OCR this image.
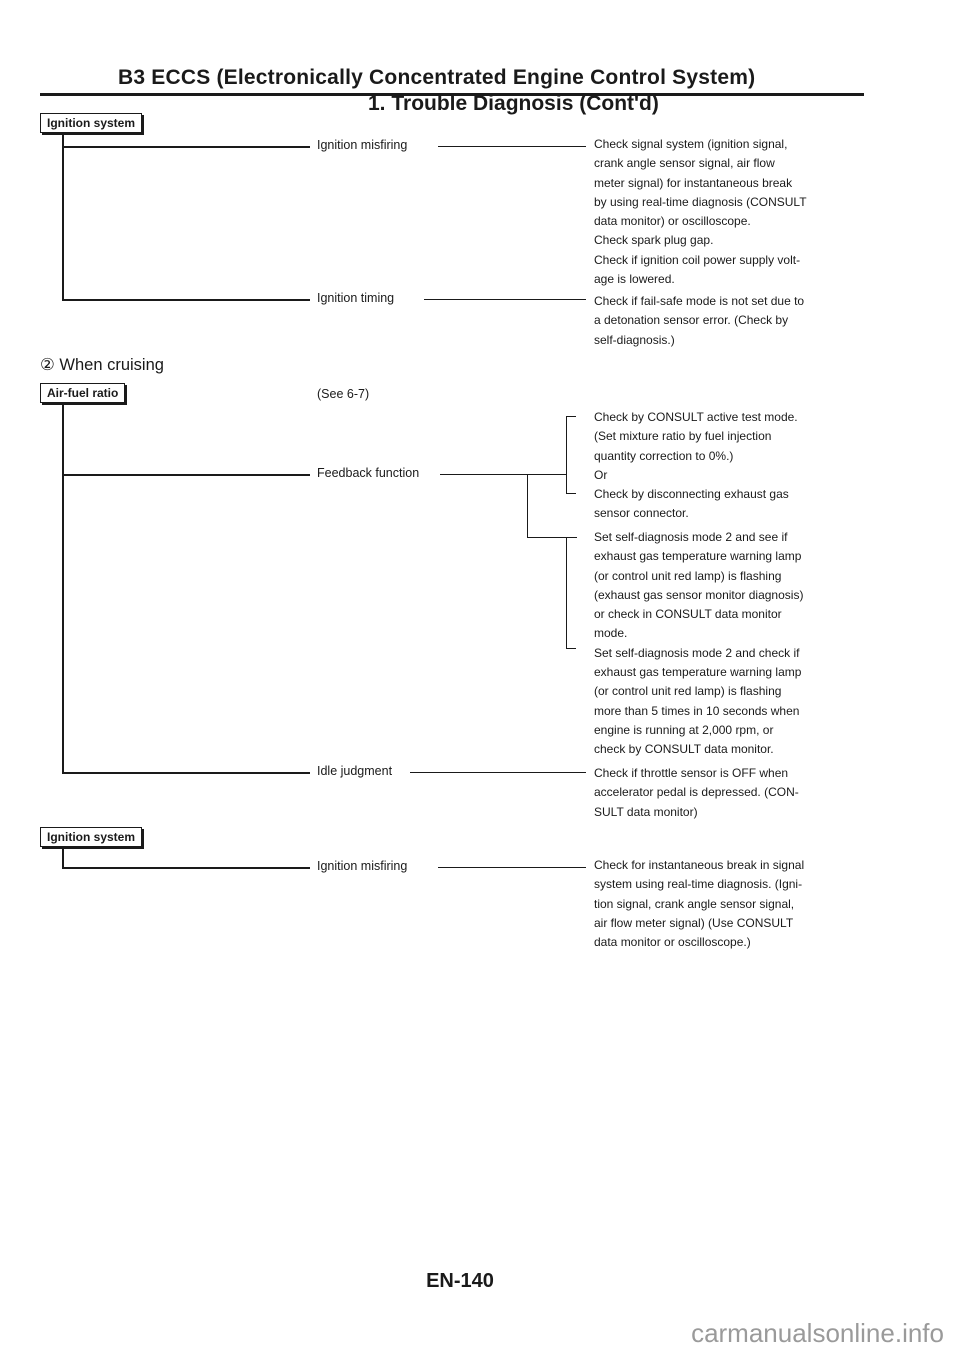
B3 ECCS (Electronically Concentrated Engine Control System)
1. Trouble Diagnosis (Cont'd)
Ignition system
Ignition misfiring	Check signal system (ignition signal,
crank angle sensor signal, air flow
meter signal) for instantaneous break
by using real-time diagnosis (CONSULT
data monitor) or oscilloscope.
Check spark plug gap.
Check if ignition coil power supply volt-
age is lowered.
Ignition timing	Check if fail-safe mode is not set due to
a detonation sensor error. (Check by
self-diagnosis.)
② When cruising
Air-fuel ratio	(See 6-7)
Feedback function
Check by CONSULT active test mode.
(Set mixture ratio by fuel injection
quantity correction to 0%.)
Or
Check by disconnecting exhaust gas
sensor connector.
Set self-diagnosis mode 2 and see if
exhaust gas temperature warning lamp
(or control unit red lamp) is flashing
(exhaust gas sensor monitor diagnosis)
or check in CONSULT data monitor
mode.
Set self-diagnosis mode 2 and check if
exhaust gas temperature warning lamp
(or control unit red lamp) is flashing
more than 5 times in 10 seconds when
engine is running at 2,000 rpm, or
check by CONSULT data monitor.
Idle judgment	Check if throttle sensor is OFF when
accelerator pedal is depressed. (CON-
SULT data monitor)
Ignition system
Ignition misfiring	Check for instantaneous break in signal
system using real-time diagnosis. (Igni-
tion signal, crank angle sensor signal,
air flow meter signal) (Use CONSULT
data monitor or oscilloscope.)
EN-140
carmanualsonline.info
